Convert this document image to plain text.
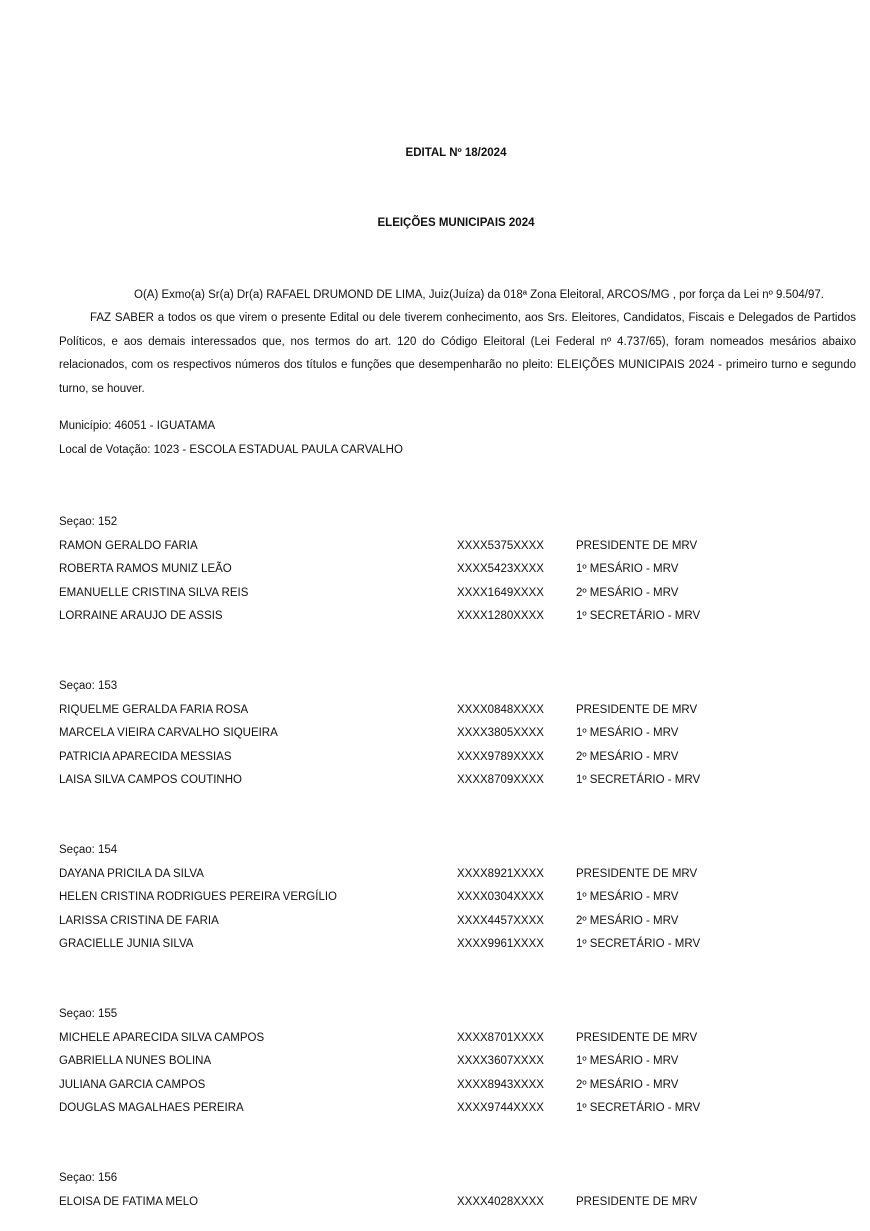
EDITAL Nº 18/2024
ELEIÇÕES MUNICIPAIS 2024
O(A) Exmo(a) Sr(a) Dr(a) RAFAEL DRUMOND DE LIMA, Juiz(Juíza) da 018ª Zona Eleitoral, ARCOS/MG , por força da Lei nº 9.504/97.
FAZ SABER a todos os que virem o presente Edital ou dele tiverem conhecimento, aos Srs. Eleitores, Candidatos, Fiscais e Delegados de Partidos Políticos, e aos demais interessados que, nos termos do art. 120 do Código Eleitoral (Lei Federal nº 4.737/65), foram nomeados mesários abaixo relacionados, com os respectivos números dos títulos e funções que desempenharão no pleito: ELEIÇÕES MUNICIPAIS 2024 - primeiro turno e segundo turno, se houver.
Município: 46051 - IGUATAMA
Local de Votação: 1023 - ESCOLA ESTADUAL PAULA CARVALHO
Seçao: 152
RAMON GERALDO FARIA	XXXX5375XXXX	PRESIDENTE DE MRV
ROBERTA RAMOS MUNIZ LEÃO	XXXX5423XXXX	1º MESÁRIO - MRV
EMANUELLE CRISTINA SILVA REIS	XXXX1649XXXX	2º MESÁRIO - MRV
LORRAINE ARAUJO DE ASSIS	XXXX1280XXXX	1º SECRETÁRIO - MRV
Seçao: 153
RIQUELME GERALDA FARIA ROSA	XXXX0848XXXX	PRESIDENTE DE MRV
MARCELA VIEIRA CARVALHO SIQUEIRA	XXXX3805XXXX	1º MESÁRIO - MRV
PATRICIA APARECIDA MESSIAS	XXXX9789XXXX	2º MESÁRIO - MRV
LAISA SILVA CAMPOS COUTINHO	XXXX8709XXXX	1º SECRETÁRIO - MRV
Seçao: 154
DAYANA PRICILA DA SILVA	XXXX8921XXXX	PRESIDENTE DE MRV
HELEN CRISTINA RODRIGUES PEREIRA VERGÍLIO	XXXX0304XXXX	1º MESÁRIO - MRV
LARISSA CRISTINA DE FARIA	XXXX4457XXXX	2º MESÁRIO - MRV
GRACIELLE JUNIA SILVA	XXXX9961XXXX	1º SECRETÁRIO - MRV
Seçao: 155
MICHELE APARECIDA SILVA CAMPOS	XXXX8701XXXX	PRESIDENTE DE MRV
GABRIELLA NUNES BOLINA	XXXX3607XXXX	1º MESÁRIO - MRV
JULIANA GARCIA CAMPOS	XXXX8943XXXX	2º MESÁRIO - MRV
DOUGLAS MAGALHAES PEREIRA	XXXX9744XXXX	1º SECRETÁRIO - MRV
Seçao: 156
ELOISA DE FATIMA MELO	XXXX4028XXXX	PRESIDENTE DE MRV
